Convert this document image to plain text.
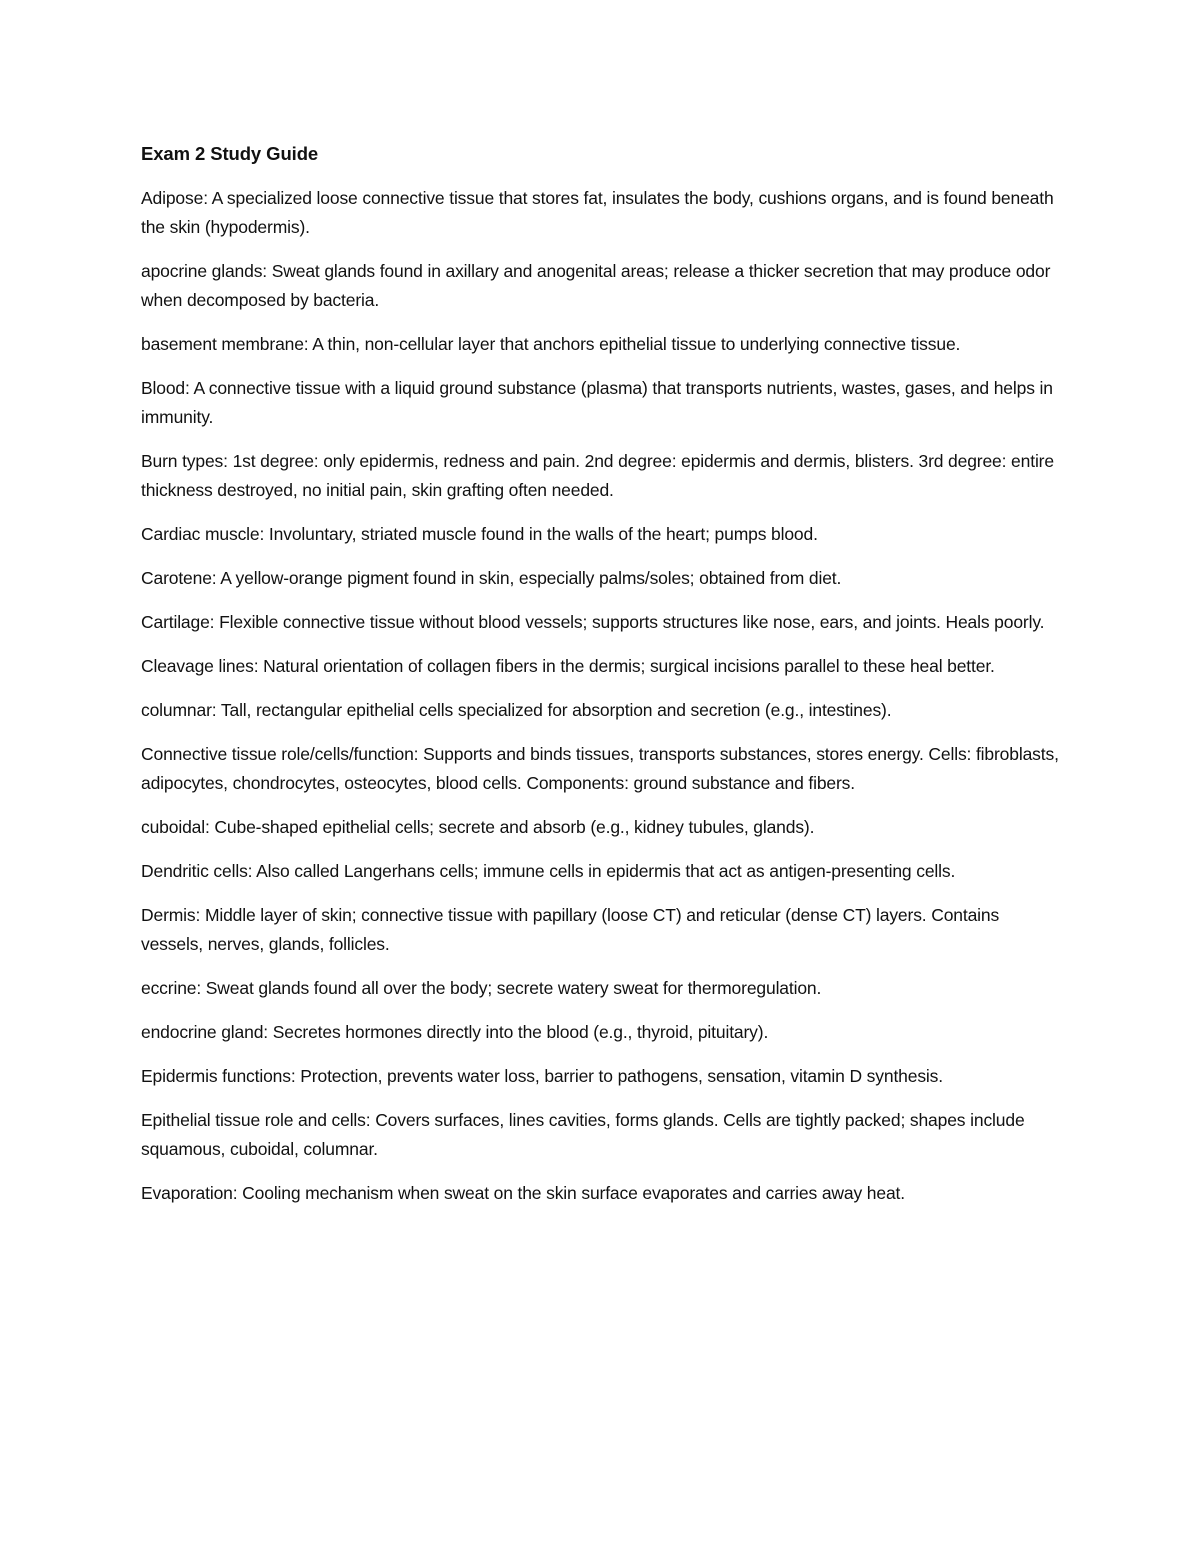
Exam 2 Study Guide

Adipose: A specialized loose connective tissue that stores fat, insulates the body, cushions organs, and is found beneath the skin (hypodermis).

apocrine glands: Sweat glands found in axillary and anogenital areas; release a thicker secretion that may produce odor when decomposed by bacteria.

basement membrane: A thin, non-cellular layer that anchors epithelial tissue to underlying connective tissue.

Blood: A connective tissue with a liquid ground substance (plasma) that transports nutrients, wastes, gases, and helps in immunity.

Burn types: 1st degree: only epidermis, redness and pain. 2nd degree: epidermis and dermis, blisters. 3rd degree: entire thickness destroyed, no initial pain, skin grafting often needed.

Cardiac muscle: Involuntary, striated muscle found in the walls of the heart; pumps blood.

Carotene: A yellow-orange pigment found in skin, especially palms/soles; obtained from diet.

Cartilage: Flexible connective tissue without blood vessels; supports structures like nose, ears, and joints. Heals poorly.

Cleavage lines: Natural orientation of collagen fibers in the dermis; surgical incisions parallel to these heal better.

columnar: Tall, rectangular epithelial cells specialized for absorption and secretion (e.g., intestines).

Connective tissue role/cells/function: Supports and binds tissues, transports substances, stores energy. Cells: fibroblasts, adipocytes, chondrocytes, osteocytes, blood cells. Components: ground substance and fibers.

cuboidal: Cube-shaped epithelial cells; secrete and absorb (e.g., kidney tubules, glands).

Dendritic cells: Also called Langerhans cells; immune cells in epidermis that act as antigen-presenting cells.

Dermis: Middle layer of skin; connective tissue with papillary (loose CT) and reticular (dense CT) layers. Contains vessels, nerves, glands, follicles.

eccrine: Sweat glands found all over the body; secrete watery sweat for thermoregulation.

endocrine gland: Secretes hormones directly into the blood (e.g., thyroid, pituitary).

Epidermis functions: Protection, prevents water loss, barrier to pathogens, sensation, vitamin D synthesis.

Epithelial tissue role and cells: Covers surfaces, lines cavities, forms glands. Cells are tightly packed; shapes include squamous, cuboidal, columnar.

Evaporation: Cooling mechanism when sweat on the skin surface evaporates and carries away heat.
